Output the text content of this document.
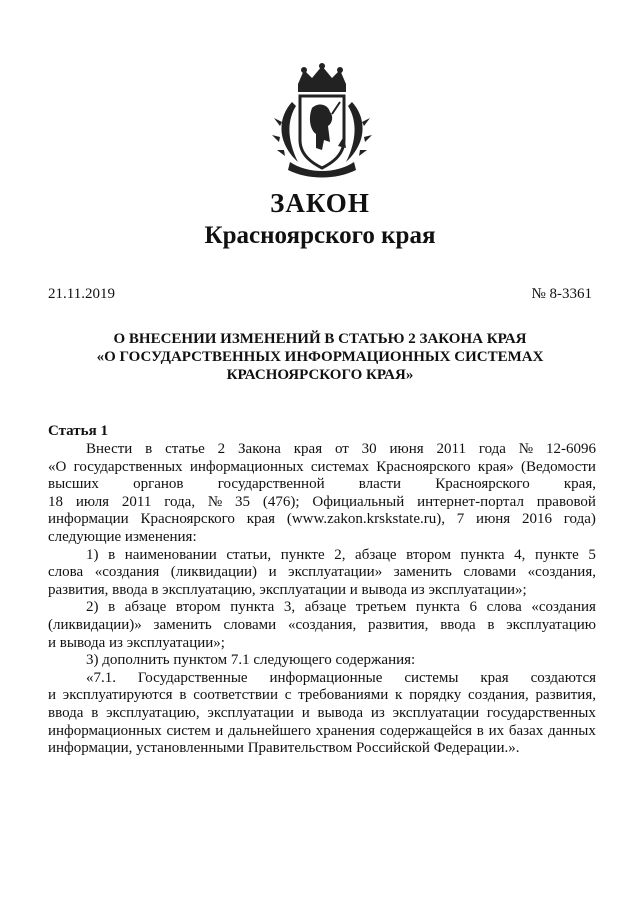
ЗАКОН
Красноярского края
21.11.2019	№ 8-3361
О ВНЕСЕНИИ ИЗМЕНЕНИЙ В СТАТЬЮ 2 ЗАКОНА КРАЯ
«О ГОСУДАРСТВЕННЫХ ИНФОРМАЦИОННЫХ СИСТЕМАХ
КРАСНОЯРСКОГО КРАЯ»
Статья 1
Внести в статье 2 Закона края от 30 июня 2011 года № 12-6096
«О государственных информационных системах Красноярского края» (Ведомости
высших органов государственной власти Красноярского края,
18 июля 2011 года, № 35 (476); Официальный интернет-портал правовой
информации Красноярского края (www.zakon.krskstate.ru), 7 июня 2016 года)
следующие изменения:
1) в наименовании статьи, пункте 2, абзаце втором пункта 4, пункте 5
слова «создания (ликвидации) и эксплуатации» заменить словами «создания,
развития, ввода в эксплуатацию, эксплуатации и вывода из эксплуатации»;
2) в абзаце втором пункта 3, абзаце третьем пункта 6 слова «создания
(ликвидации)» заменить словами «создания, развития, ввода в эксплуатацию
и вывода из эксплуатации»;
3) дополнить пунктом 7.1 следующего содержания:
«7.1. Государственные информационные системы края создаются
и эксплуатируются в соответствии с требованиями к порядку создания, развития,
ввода в эксплуатацию, эксплуатации и вывода из эксплуатации государственных
информационных систем и дальнейшего хранения содержащейся в их базах данных
информации, установленными Правительством Российской Федерации.».
